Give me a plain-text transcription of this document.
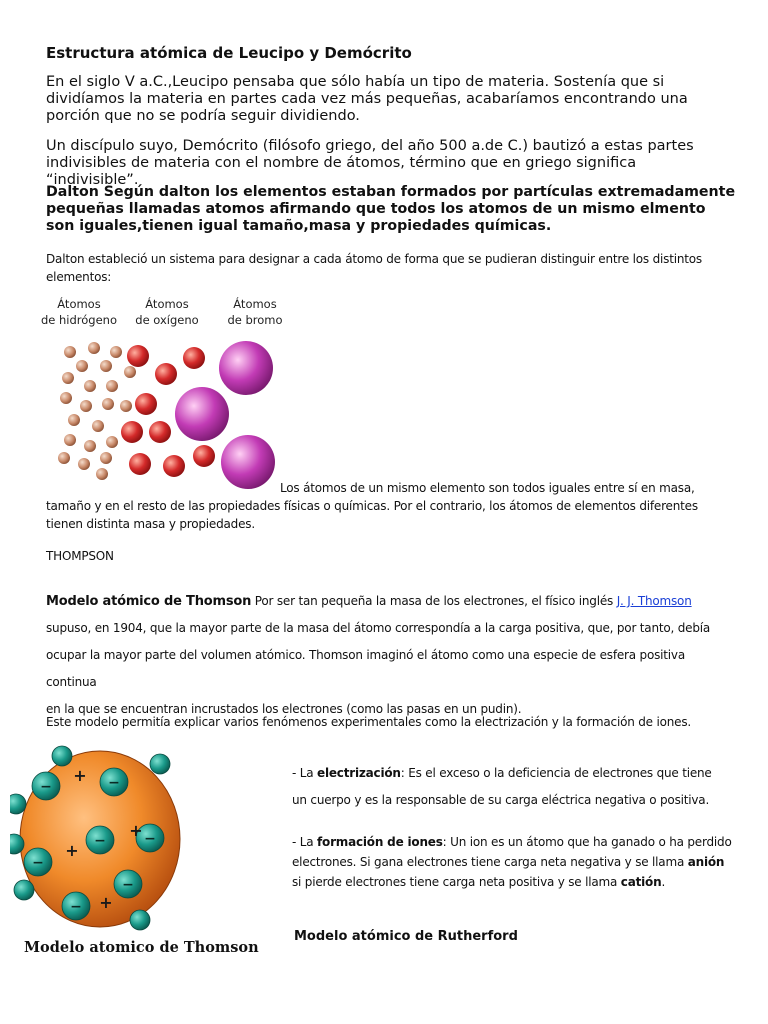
Estructura atómica de Leucipo y Demócrito
En el siglo V a.C.,Leucipo pensaba que sólo había un tipo de materia. Sostenía que si dividíamos la materia en partes cada vez más pequeñas, acabaríamos encontrando una porción que no se podría seguir dividiendo.
Un discípulo suyo, Demócrito (filósofo griego, del año 500 a.de C.) bautizó a estas partes indivisibles de materia con el nombre de átomos, término que en griego significa “indivisible”.
Dalton Según dalton los elementos estaban formados por partículas extremadamente pequeñas llamadas atomos afirmando que todos los atomos de un mismo elmento son iguales,tienen igual tamaño,masa y propiedades químicas.
Dalton estableció un sistema para designar a cada átomo de forma que se pudieran distinguir entre los distintos elementos:
Átomos
de hidrógeno
Átomos
de oxígeno
Átomos
de bromo
Los átomos de un mismo elemento son todos iguales entre sí en masa, tamaño y en el resto de las propiedades físicas o químicas. Por el contrario, los átomos de elementos diferentes tienen distinta masa y propiedades.
THOMPSON
Modelo atómico de Thomson Por ser tan pequeña la masa de los electrones, el físico inglés J. J. Thomson
supuso, en 1904, que la mayor parte de la masa del átomo correspondía a la carga positiva, que, por tanto, debía
ocupar la mayor parte del volumen atómico. Thomson imaginó el átomo como una especie de esfera positiva continua
en la que se encuentran incrustados los electrones (como las pasas en un pudin).
Este modelo permitía explicar varios fenómenos experimentales como la electrización y la formación de iones.
−	−
−
−
−
−
−
+
+
+
+
Modelo atomico de Thomson
- La electrización: Es el exceso o la deficiencia de electrones que tiene
un cuerpo y es la responsable de su carga eléctrica negativa o positiva.
- La formación de iones: Un ion es un átomo que ha ganado o ha perdido
electrones. Si gana electrones tiene carga neta negativa y se llama anión
si pierde electrones tiene carga neta positiva y se llama catión.
Modelo atómico de Rutherford
